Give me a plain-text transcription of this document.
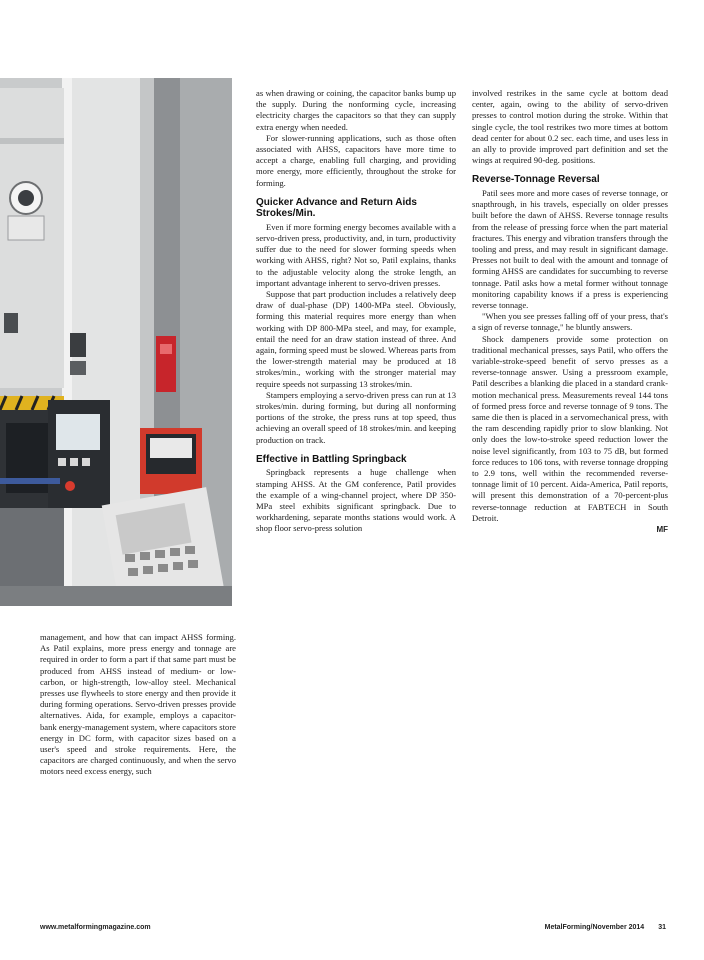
management, and how that can impact AHSS forming. As Patil explains, more press energy and tonnage are required in order to form a part if that same part must be produced from AHSS instead of medium- or low-carbon, or high-strength, low-alloy steel. Mechanical presses use flywheels to store energy and then provide it during forming operations. Servo-driven presses provide alternatives. Aida, for example, employs a capacitor-bank energy-management system, where capacitors store energy in DC form, with capacitor sizes based on a user's speed and stroke requirements. Here, the capacitors are charged continuously, and when the servo motors need excess energy, such

as when drawing or coining, the capacitor banks bump up the supply. During the nonforming cycle, increasing electricity charges the capacitors so that they can supply extra energy when needed.

For slower-running applications, such as those often associated with AHSS, capacitors have more time to accept a charge, enabling full charging, and providing more energy, more efficiently, throughout the stroke for forming.

Quicker Advance and Return Aids Strokes/Min.

Even if more forming energy becomes available with a servo-driven press, productivity, and, in turn, productivity suffer due to the need for slower forming speeds when working with AHSS, right? Not so, Patil explains, thanks to the adjustable velocity along the stroke length, an important advantage inherent to servo-driven presses.

Suppose that part production includes a relatively deep draw of dual-phase (DP) 1400-MPa steel. Obviously, forming this material requires more energy than when working with DP 800-MPa steel, and may, for example, entail the need for an draw station instead of three. And again, forming speed must be slowed. Whereas parts from the lower-strength material may be produced at 18 strokes/min., working with the stronger material may require speeds not surpassing 13 strokes/min.

Stampers employing a servo-driven press can run at 13 strokes/min. during forming, but during all nonforming portions of the stroke, the press runs at top speed, thus achieving an overall speed of 18 strokes/min. and keeping production on track.

Effective in Battling Springback

Springback represents a huge challenge when stamping AHSS. At the GM conference, Patil provides the example of a wing-channel project, where DP 350-MPa steel exhibits significant springback. Due to workhardening, separate months stations would work. A shop floor servo-press solution

involved restrikes in the same cycle at bottom dead center, again, owing to the ability of servo-driven presses to control motion during the stroke. Within that single cycle, the tool restrikes two more times at bottom dead center for about 0.2 sec. each time, and uses less in an ally to provide improved part definition and set the wings at required 90-deg. positions.

Reverse-Tonnage Reversal

Patil sees more and more cases of reverse tonnage, or snapthrough, in his travels, especially on older presses built before the dawn of AHSS. Reverse tonnage results from the release of pressing force when the part material fractures. This energy and vibration transfers through the tooling and press, and may result in significant damage. Presses not built to deal with the amount and tonnage of forming AHSS are candidates for succumbing to reverse tonnage. Patil asks how a metal former without tonnage monitoring capability knows if a press is experiencing reverse tonnage.

"When you see presses falling off of your press, that's a sign of reverse tonnage," he bluntly answers.

Shock dampeners provide some protection on traditional mechanical presses, says Patil, who offers the variable-stroke-speed benefit of servo presses as a reverse-tonnage answer. Using a pressroom example, Patil describes a blanking die placed in a standard crank-motion mechanical press. Measurements reveal 144 tons of formed press force and reverse tonnage of 9 tons. The same die then is placed in a servomechanical press, with the ram descending rapidly prior to slow blanking. Not only does the low-to-stroke speed reduction lower the noise level significantly, from 103 to 75 dB, but formed force reduces to 106 tons, with reverse tonnage dropping to 2.9 tons, well within the recommended reverse-tonnage limit of 10 percent. Aida-America, Patil reports, will present this demonstration of a 70-percent-plus reverse-tonnage reduction at FABTECH in South Detroit.

MF

www.metalformingmagazine.com	MetalForming/November 2014 31
